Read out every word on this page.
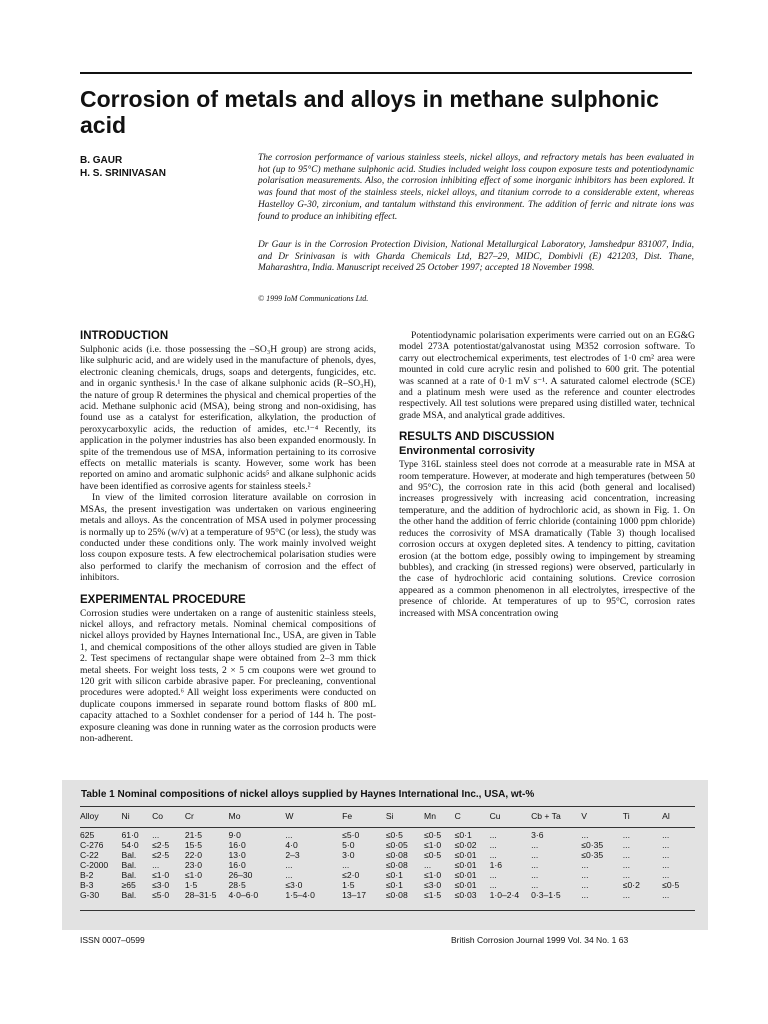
Corrosion of metals and alloys in methane sulphonic acid
B. GAUR
H. S. SRINIVASAN

The corrosion performance of various stainless steels, nickel alloys, and refractory metals has been evaluated in hot (up to 95°C) methane sulphonic acid. Studies included weight loss coupon exposure tests and potentiodynamic polarisation measurements. Also, the corrosion inhibiting effect of some inorganic inhibitors has been explored. It was found that most of the stainless steels, nickel alloys, and titanium corrode to a considerable extent, whereas Hastelloy G-30, zirconium, and tantalum withstand this environment. The addition of ferric and nitrate ions was found to produce an inhibiting effect.

Dr Gaur is in the Corrosion Protection Division, National Metallurgical Laboratory, Jamshedpur 831007, India, and Dr Srinivasan is with Gharda Chemicals Ltd, B27–29, MIDC, Dombivli (E) 421203, Dist. Thane, Maharashtra, India. Manuscript received 25 October 1997; accepted 18 November 1998.

© 1999 IoM Communications Ltd.
INTRODUCTION

Sulphonic acids (i.e. those possessing the –SO₃H group) are strong acids, like sulphuric acid, and are widely used in the manufacture of phenols, dyes, electronic cleaning chemicals, drugs, soaps and detergents, fungicides, etc. and in organic synthesis.¹ In the case of alkane sulphonic acids (R–SO₃H), the nature of group R determines the physical and chemical properties of the acid. Methane sulphonic acid (MSA), being strong and non-oxidising, has found use as a catalyst for esterification, alkylation, the production of peroxycarboxylic acids, the reduction of amides, etc.¹⁻⁴ Recently, its application in the polymer industries has also been expanded enormously. In spite of the tremendous use of MSA, information pertaining to its corrosive effects on metallic materials is scanty. However, some work has been reported on amino and aromatic sulphonic acids⁵ and alkane sulphonic acids have been identified as corrosive agents for stainless steels.²

In view of the limited corrosion literature available on corrosion in MSAs, the present investigation was undertaken on various engineering metals and alloys. As the concentration of MSA used in polymer processing is normally up to 25% (w/v) at a temperature of 95°C (or less), the study was conducted under these conditions only. The work mainly involved weight loss coupon exposure tests. A few electrochemical polarisation studies were also performed to clarify the mechanism of corrosion and the effect of inhibitors.

EXPERIMENTAL PROCEDURE

Corrosion studies were undertaken on a range of austenitic stainless steels, nickel alloys, and refractory metals. Nominal chemical compositions of nickel alloys provided by Haynes International Inc., USA, are given in Table 1, and chemical compositions of the other alloys studied are given in Table 2. Test specimens of rectangular shape were obtained from 2–3 mm thick metal sheets. For weight loss tests, 2 × 5 cm coupons were wet ground to 120 grit with silicon carbide abrasive paper. For precleaning, conventional procedures were adopted.⁶ All weight loss experiments were conducted on duplicate coupons immersed in separate round bottom flasks of 800 mL capacity attached to a Soxhlet condenser for a period of 144 h. The post-exposure cleaning was done in running water as the corrosion products were non-adherent.

Potentiodynamic polarisation experiments were carried out on an EG&G model 273A potentiostat/galvanostat using M352 corrosion software. To carry out electrochemical experiments, test electrodes of 1·0 cm² area were mounted in cold cure acrylic resin and polished to 600 grit. The potential was scanned at a rate of 0·1 mV s⁻¹. A saturated calomel electrode (SCE) and a platinum mesh were used as the reference and counter electrodes respectively. All test solutions were prepared using distilled water, technical grade MSA, and analytical grade additives.

RESULTS AND DISCUSSION
Environmental corrosivity

Type 316L stainless steel does not corrode at a measurable rate in MSA at room temperature. However, at moderate and high temperatures (between 50 and 95°C), the corrosion rate in this acid (both general and localised) increases progressively with increasing acid concentration, increasing temperature, and the addition of hydrochloric acid, as shown in Fig. 1. On the other hand the addition of ferric chloride (containing 1000 ppm chloride) reduces the corrosivity of MSA dramatically (Table 3) though localised corrosion occurs at oxygen depleted sites. A tendency to pitting, cavitation erosion (at the bottom edge, possibly owing to impingement by streaming bubbles), and cracking (in stressed regions) were observed, particularly in the case of hydrochloric acid containing solutions. Crevice corrosion appeared as a common phenomenon in all electrolytes, irrespective of the presence of chloride. At temperatures of up to 95°C, corrosion rates increased with MSA concentration owing

Table 1 Nominal compositions of nickel alloys supplied by Haynes International Inc., USA, wt-%
Alloy	Ni	Co	Cr	Mo	W	Fe	Si	Mn	C	Cu	Cb + Ta	V	Ti	Al
625	61·0	...	21·5	9·0	...	≤5·0	≤0·5	≤0·5	≤0·1	...	3·6	...	...	...
C-276	54·0	≤2·5	15·5	16·0	4·0	5·0	≤0·05	≤1·0	≤0·02	...	...	≤0·35	...	...
C-22	Bal.	≤2·5	22·0	13·0	2–3	3·0	≤0·08	≤0·5	≤0·01	...	...	≤0·35	...	...
C-2000	Bal.	...	23·0	16·0	...	...	≤0·08	...	≤0·01	1·6	...	...	...	...
B-2	Bal.	≤1·0	≤1·0	26–30	...	≤2·0	≤0·1	≤1·0	≤0·01	...	...	...	...	...
B-3	≥65	≤3·0	1·5	28·5	≤3·0	1·5	≤0·1	≤3·0	≤0·01	...	...	...	≤0·2	≤0·5
G-30	Bal.	≤5·0	28–31·5	4·0–6·0	1·5–4·0	13–17	≤0·08	≤1·5	≤0·03	1·0–2·4	0·3–1·5	...	...	...
ISSN 0007–0599	British Corrosion Journal 1999 Vol. 34 No. 1 63
